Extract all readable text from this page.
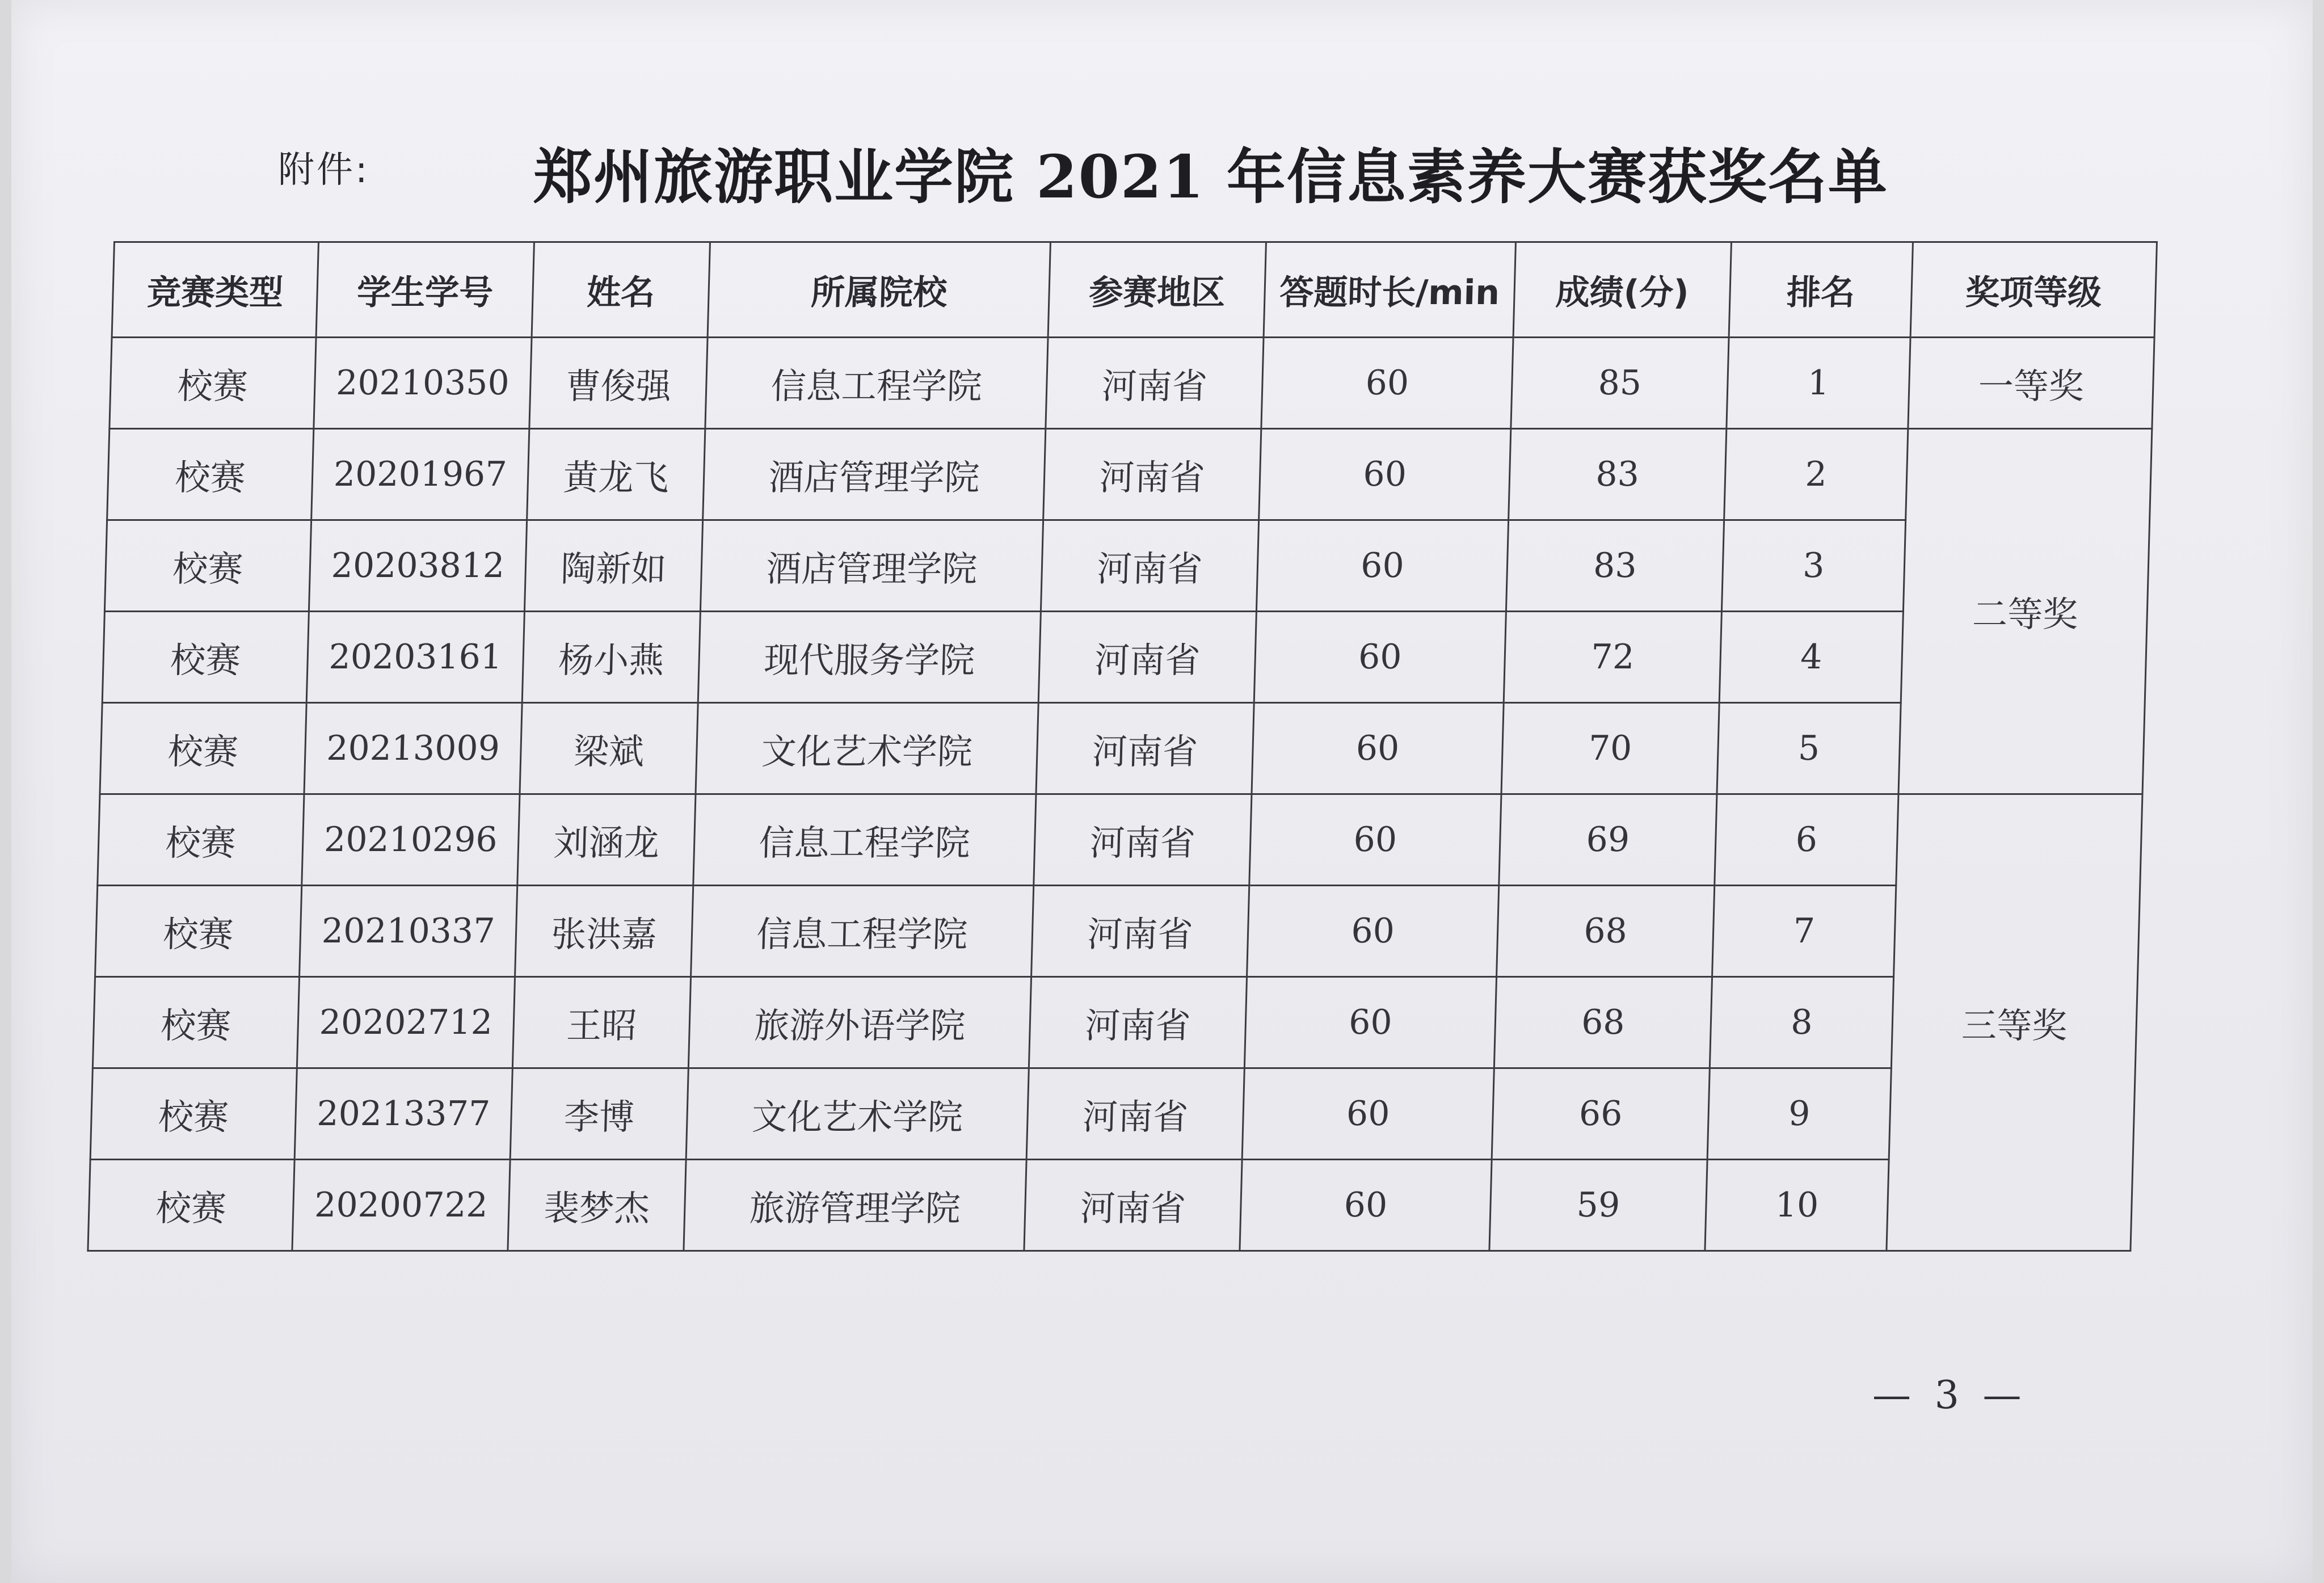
附件:	郑州旅游职业学院 2021 年信息素养大赛获奖名单
竞赛类型	学生学号	姓名	所属院校	参赛地区	答题时长/min	成绩(分)	排名	奖项等级
校赛	20210350	曹俊强	信息工程学院	河南省	60	85	1	一等奖
校赛	20201967	黄龙飞	酒店管理学院	河南省	60	83	2	二等奖
校赛	20203812	陶新如	酒店管理学院	河南省	60	83	3	
校赛	20203161	杨小燕	现代服务学院	河南省	60	72	4	
校赛	20213009	梁斌	文化艺术学院	河南省	60	70	5	
校赛	20210296	刘涵龙	信息工程学院	河南省	60	69	6	三等奖
校赛	20210337	张洪嘉	信息工程学院	河南省	60	68	7	
校赛	20202712	王昭	旅游外语学院	河南省	60	68	8	
校赛	20213377	李博	文化艺术学院	河南省	60	66	9	
校赛	20200722	裴梦杰	旅游管理学院	河南省	60	59	10	
— 3 —
